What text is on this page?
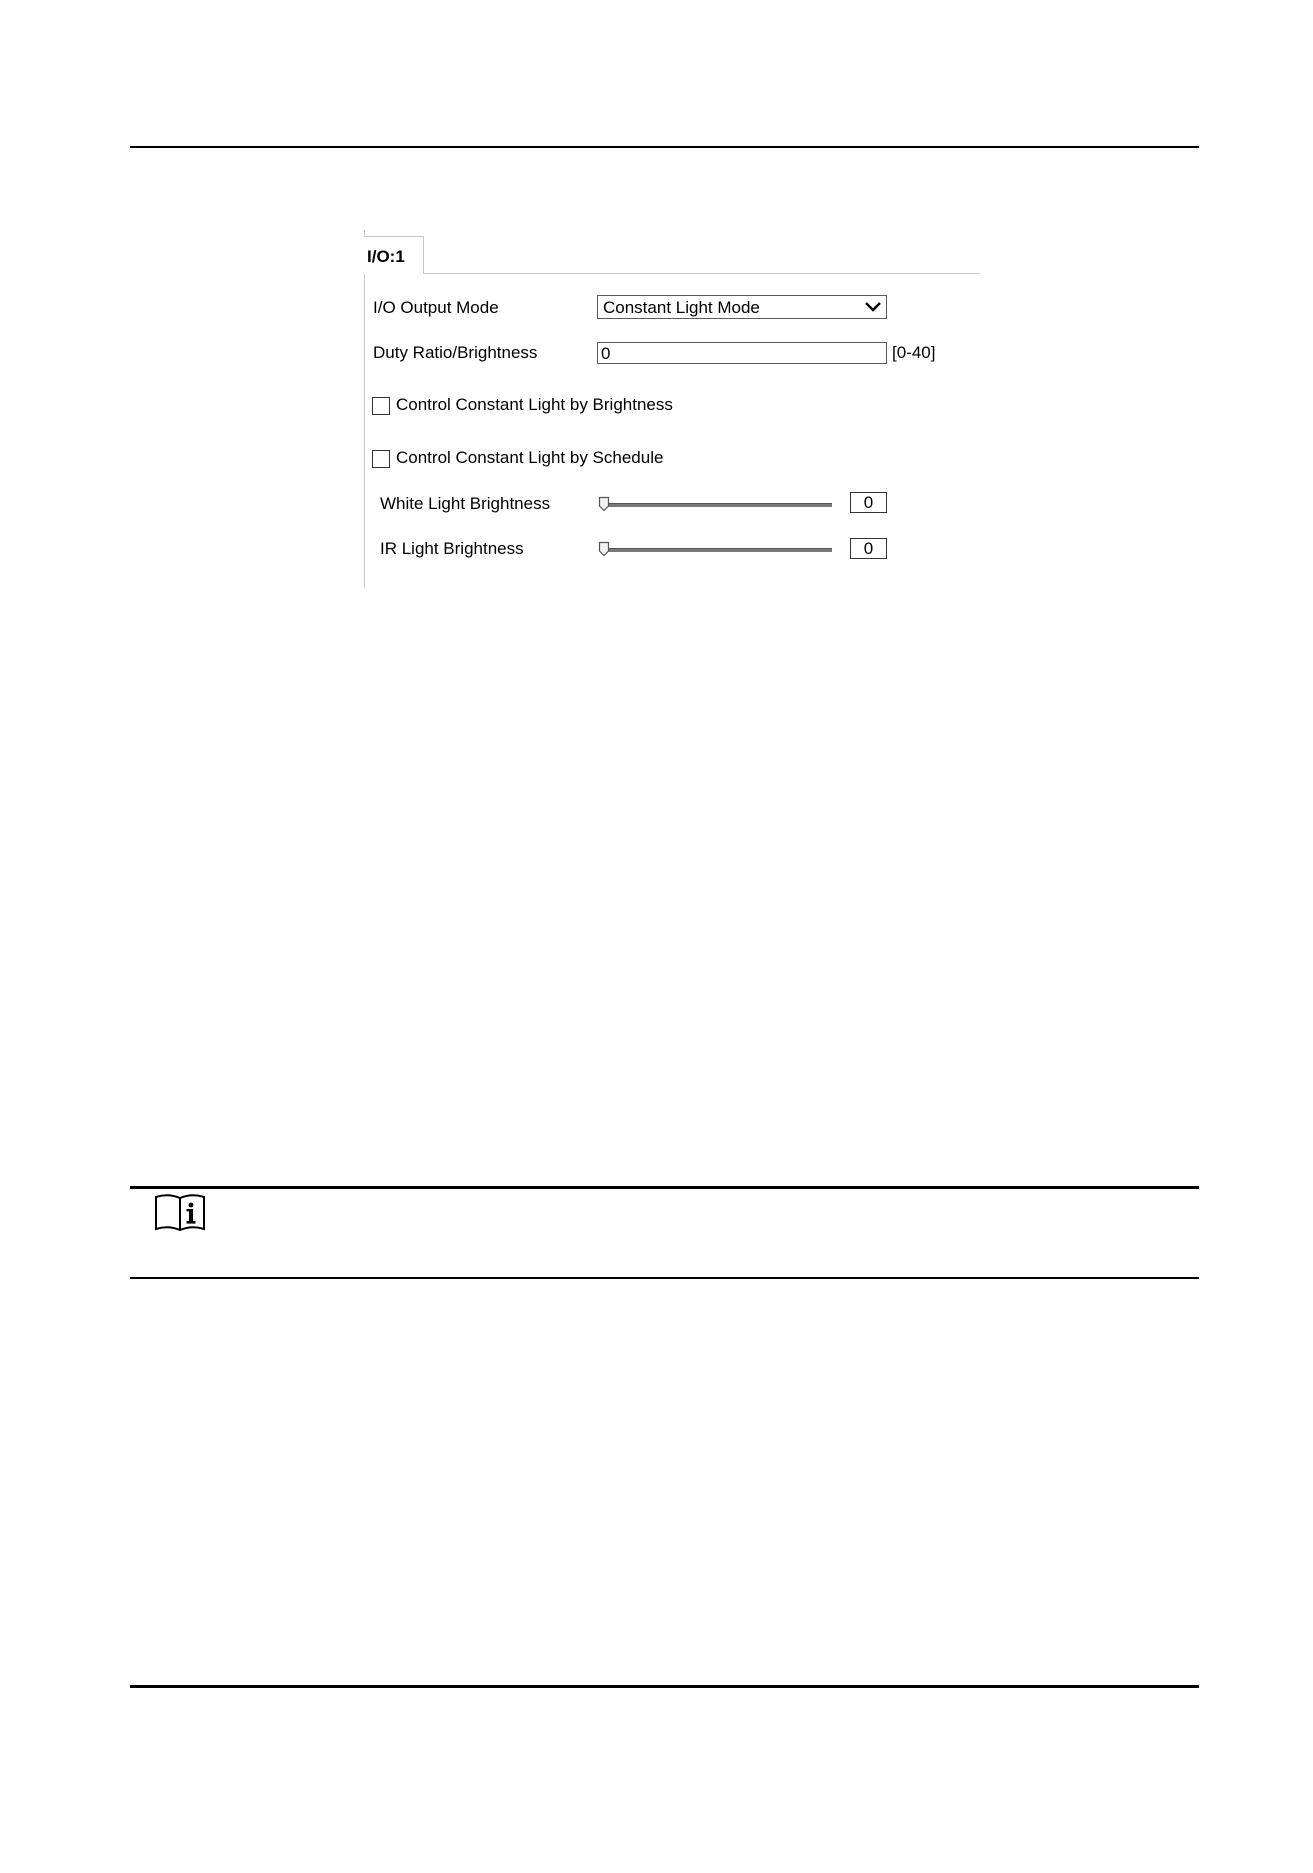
I/O:1
I/O Output Mode	Constant Light Mode
Duty Ratio/Brightness	0	[0-40]
Control Constant Light by Brightness
Control Constant Light by Schedule
White Light Brightness	0
IR Light Brightness	0
